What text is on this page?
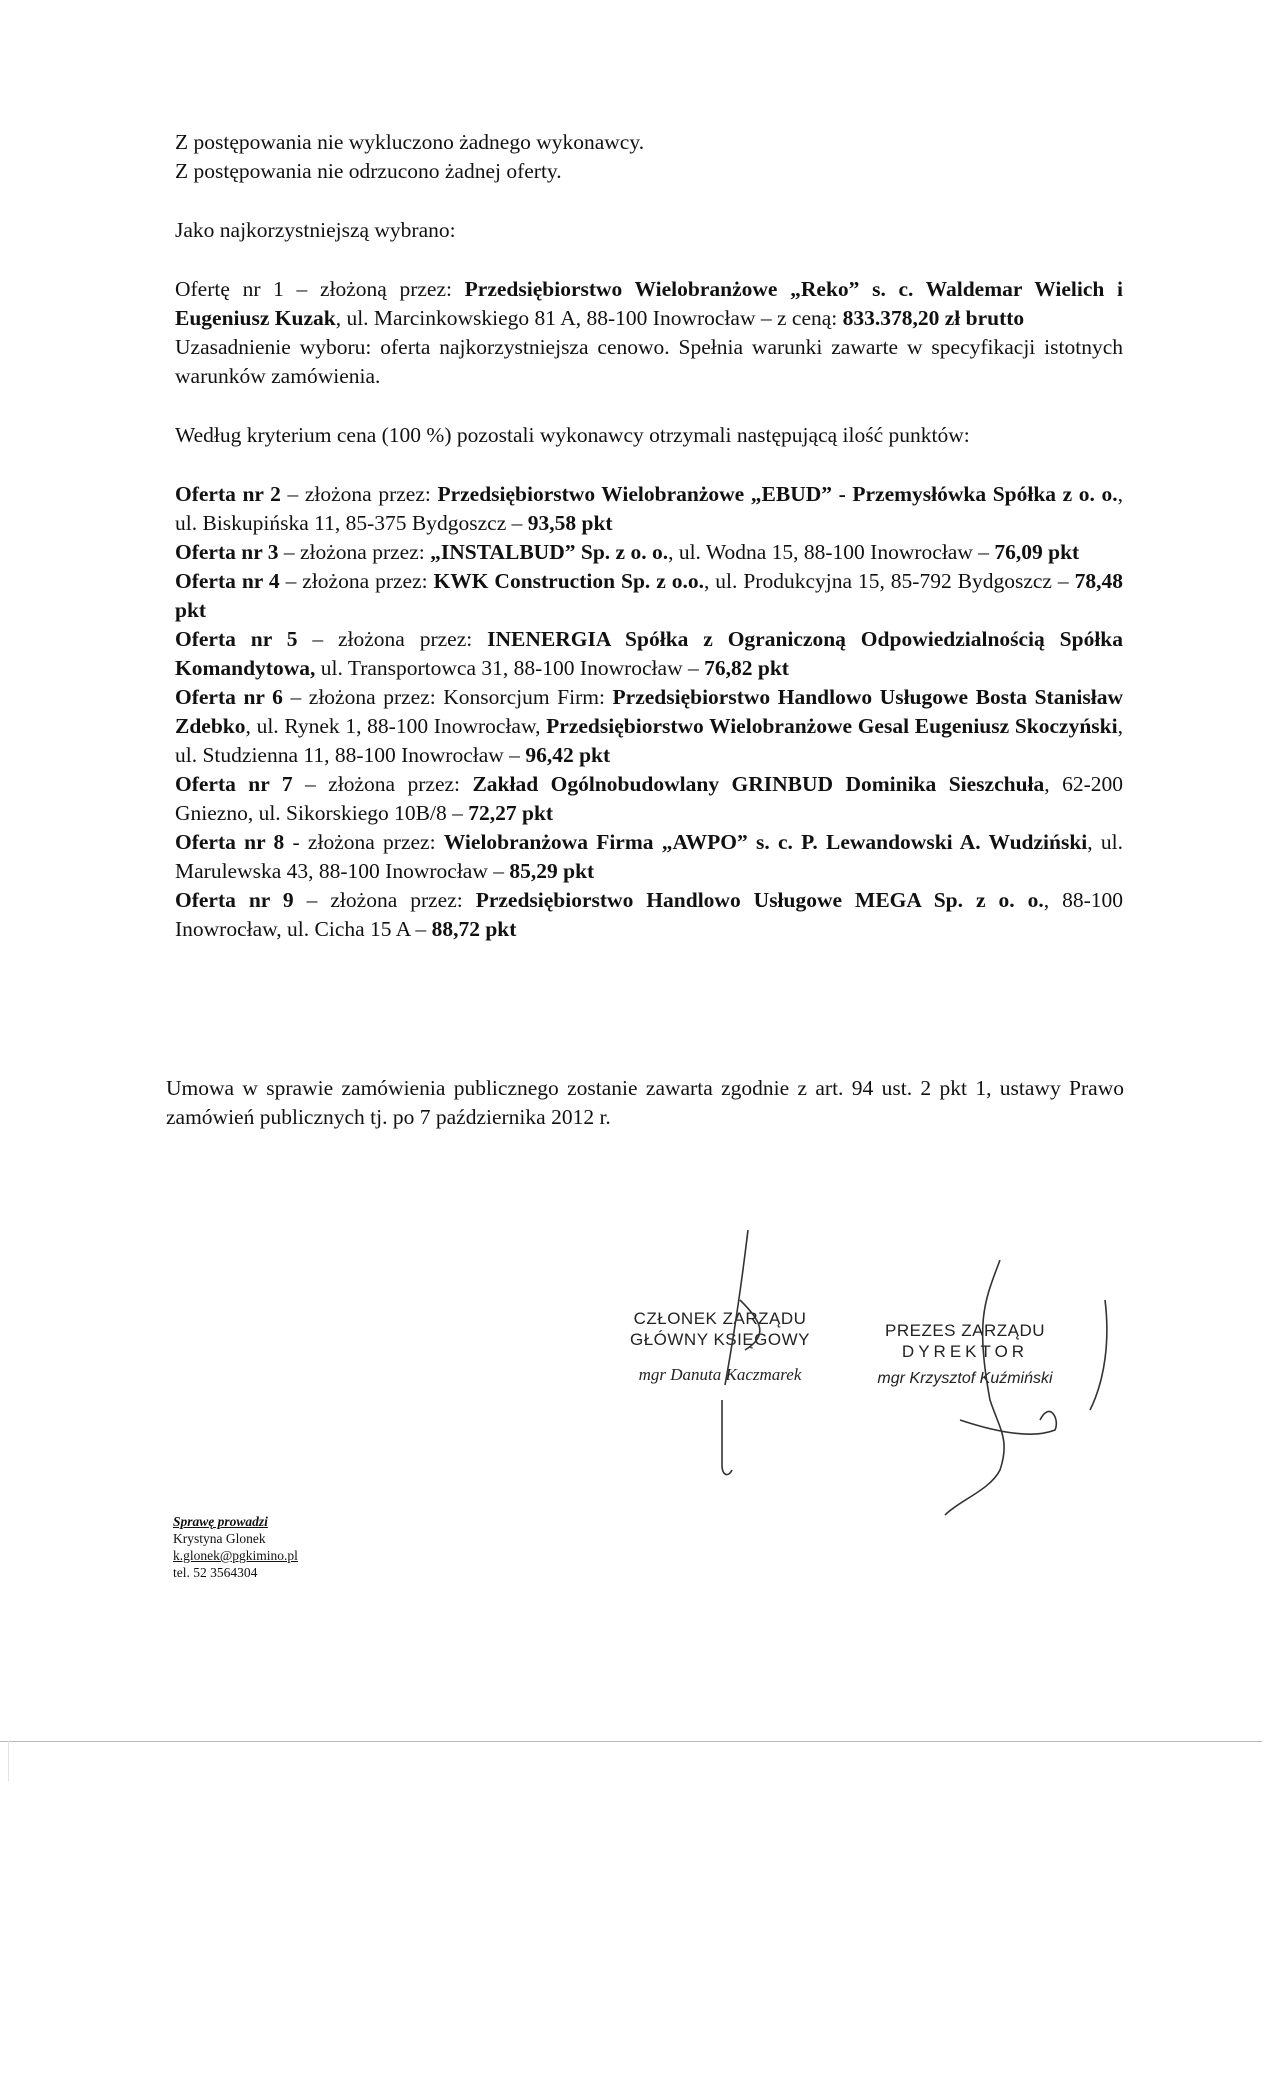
Z postępowania nie wykluczono żadnego wykonawcy.

Z postępowania nie odrzucono żadnej oferty.

Jako najkorzystniejszą wybrano:

Ofertę nr 1 – złożoną przez: Przedsiębiorstwo Wielobranżowe „Reko” s. c. Waldemar Wielich i Eugeniusz Kuzak, ul. Marcinkowskiego 81 A, 88-100 Inowrocław – z ceną: 833.378,20 zł brutto

Uzasadnienie wyboru: oferta najkorzystniejsza cenowo. Spełnia warunki zawarte w specyfikacji istotnych warunków zamówienia.

Według kryterium cena (100 %) pozostali wykonawcy otrzymali następującą ilość punktów:

Oferta nr 2 – złożona przez: Przedsiębiorstwo Wielobranżowe „EBUD” - Przemysłówka Spółka z o. o., ul. Biskupińska 11, 85-375 Bydgoszcz – 93,58 pkt

Oferta nr 3 – złożona przez: „INSTALBUD” Sp. z o. o., ul. Wodna 15, 88-100 Inowrocław – 76,09 pkt

Oferta nr 4 – złożona przez: KWK Construction Sp. z o.o., ul. Produkcyjna 15, 85-792 Bydgoszcz – 78,48 pkt

Oferta nr 5 – złożona przez: INENERGIA Spółka z Ograniczoną Odpowiedzialnością Spółka Komandytowa, ul. Transportowca 31, 88-100 Inowrocław – 76,82 pkt

Oferta nr 6 – złożona przez: Konsorcjum Firm: Przedsiębiorstwo Handlowo Usługowe Bosta Stanisław Zdebko, ul. Rynek 1, 88-100 Inowrocław, Przedsiębiorstwo Wielobranżowe Gesal Eugeniusz Skoczyński, ul. Studzienna 11, 88-100 Inowrocław – 96,42 pkt

Oferta nr 7 – złożona przez: Zakład Ogólnobudowlany GRINBUD Dominika Sieszchuła, 62-200 Gniezno, ul. Sikorskiego 10B/8 – 72,27 pkt

Oferta nr 8 - złożona przez: Wielobranżowa Firma „AWPO” s. c. P. Lewandowski A. Wudziński, ul. Marulewska 43, 88-100 Inowrocław – 85,29 pkt

Oferta nr 9 – złożona przez: Przedsiębiorstwo Handlowo Usługowe MEGA Sp. z o. o., 88-100 Inowrocław, ul. Cicha 15 A – 88,72 pkt

Umowa w sprawie zamówienia publicznego zostanie zawarta zgodnie z art. 94 ust. 2 pkt 1, ustawy Prawo zamówień publicznych tj. po 7 października 2012 r.

CZŁONEK ZARZĄDU
GŁÓWNY KSIĘGOWY
mgr Danuta Kaczmarek
PREZES ZARZĄDU
DYREKTOR
mgr Krzysztof Kuźmiński
Sprawę prowadzi
Krystyna Glonek
k.glonek@pgkimino.pl
tel. 52 3564304
